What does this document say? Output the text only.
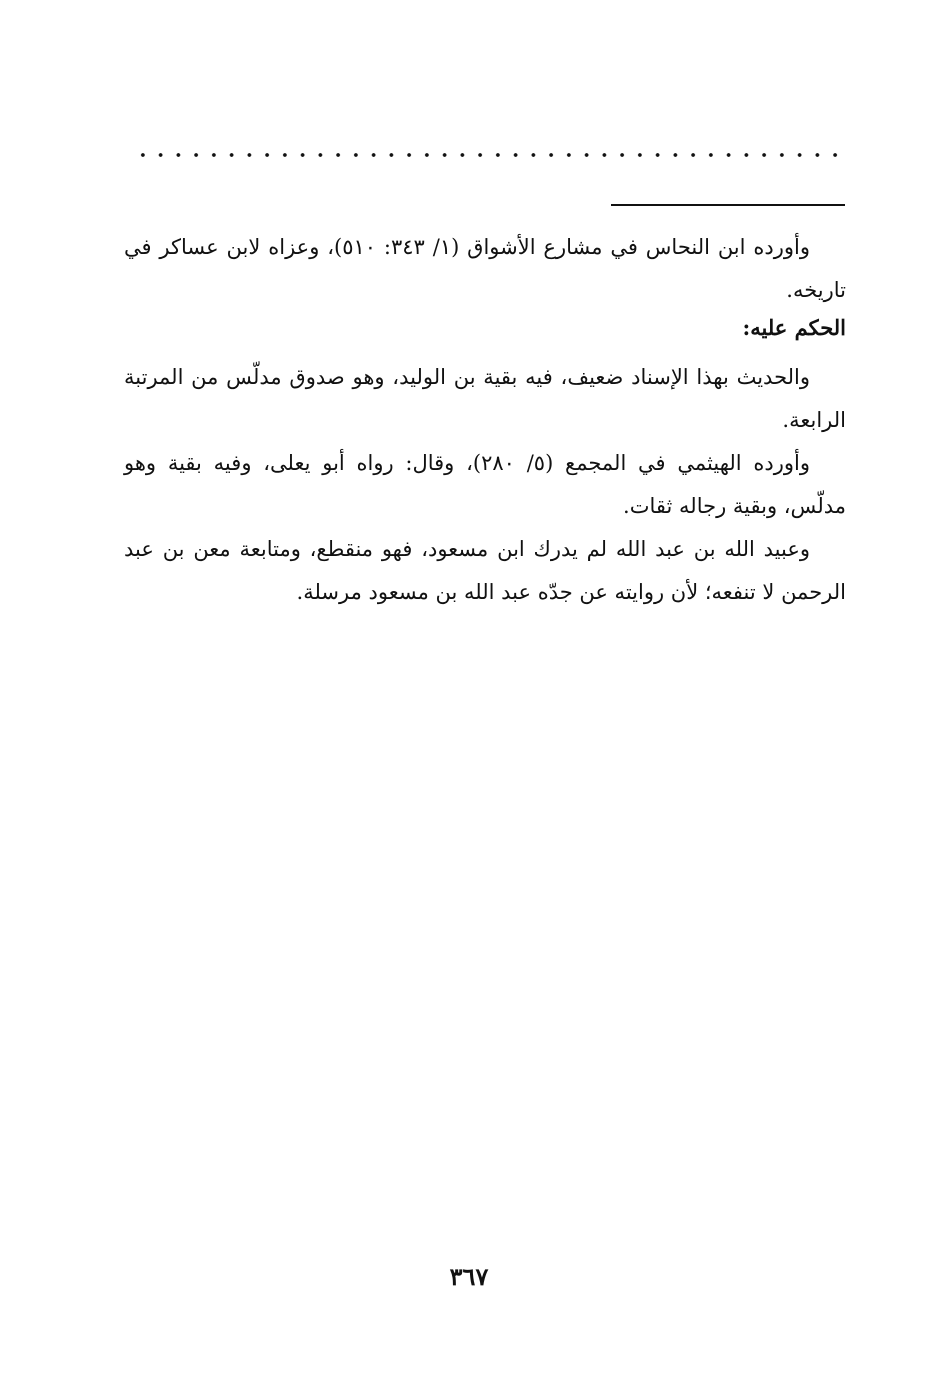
وأورده ابن النحاس في مشارع الأشواق (١/ ٣٤٣: ٥١٠)، وعزاه لابن عساكر في تاريخه.

الحكم عليه:

والحديث بهذا الإسناد ضعيف، فيه بقية بن الوليد، وهو صدوق مدلّس من المرتبة الرابعة.

وأورده الهيثمي في المجمع (٥/ ٢٨٠)، وقال: رواه أبو يعلى، وفيه بقية وهو مدلّس، وبقية رجاله ثقات.

وعبيد الله بن عبد الله لم يدرك ابن مسعود، فهو منقطع، ومتابعة معن بن عبد الرحمن لا تنفعه؛ لأن روايته عن جدّه عبد الله بن مسعود مرسلة.

٣٦٧
